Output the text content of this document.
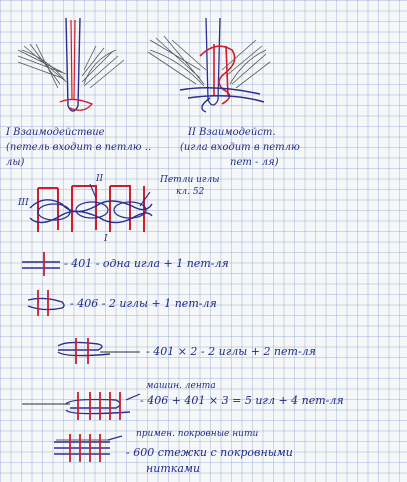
I Взаимодействие

(петель входит в петлю ..

лы)

II Взаимодейст.

(игла входит в петлю

пет - ля)

Петли иглы
кл. 52
II
III
I

- 401 - одна игла + 1 пет-ля

- 406 - 2 иглы + 1 пет-ля

- 401 × 2 - 2 иглы + 2 пет-ля

машин. лента

- 406 + 401 × 3 = 5 игл + 4 пет-ля

примен. покровные нити

- 600 стежки с покровными

нитками
